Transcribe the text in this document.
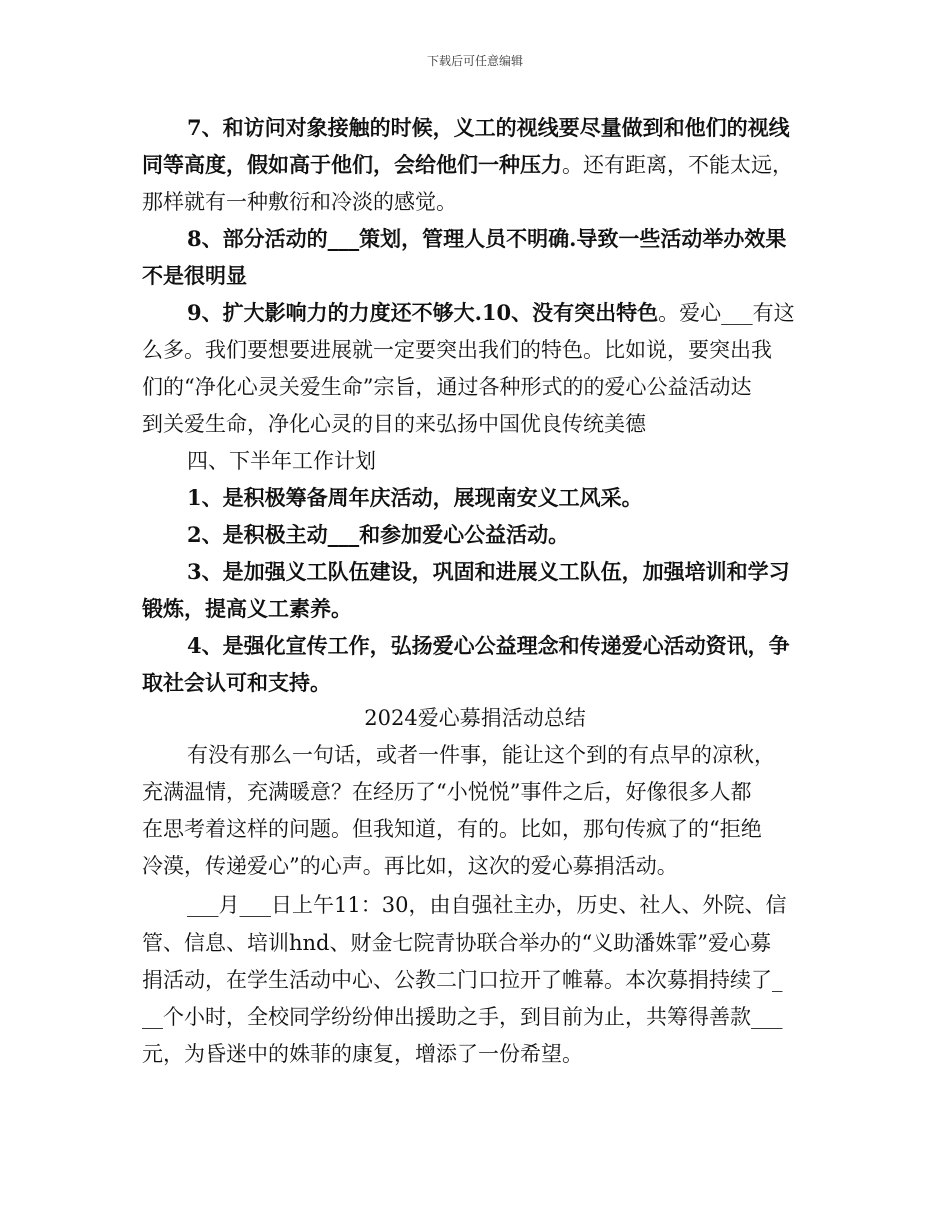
下载后可任意编辑
7、和访问对象接触的时候，义工的视线要尽量做到和他们的视线
同等高度，假如高于他们，会给他们一种压力。还有距离，不能太远，
那样就有一种敷衍和冷淡的感觉。
8、部分活动的___策划，管理人员不明确.导致一些活动举办效果
不是很明显
9、扩大影响力的力度还不够大.10、没有突出特色。爱心___有这
么多。我们要想要进展就一定要突出我们的特色。比如说，要突出我
们的“净化心灵关爱生命”宗旨，通过各种形式的的爱心公益活动达
到关爱生命，净化心灵的目的来弘扬中国优良传统美德
四、下半年工作计划
1、是积极筹备周年庆活动，展现南安义工风采。
2、是积极主动___和参加爱心公益活动。
3、是加强义工队伍建设，巩固和进展义工队伍，加强培训和学习
锻炼，提高义工素养。
4、是强化宣传工作，弘扬爱心公益理念和传递爱心活动资讯，争
取社会认可和支持。
2024爱心募捐活动总结
有没有那么一句话，或者一件事，能让这个到的有点早的凉秋，
充满温情，充满暖意？在经历了“小悦悦”事件之后，好像很多人都
在思考着这样的问题。但我知道，有的。比如，那句传疯了的“拒绝
冷漠，传递爱心”的心声。再比如，这次的爱心募捐活动。
___月___日上午11：30，由自强社主办，历史、社人、外院、信
管、信息、培训hnd、财金七院青协联合举办的“义助潘姝霏”爱心募
捐活动，在学生活动中心、公教二门口拉开了帷幕。本次募捐持续了_
__个小时，全校同学纷纷伸出援助之手，到目前为止，共筹得善款___
元，为昏迷中的姝菲的康复，增添了一份希望。
